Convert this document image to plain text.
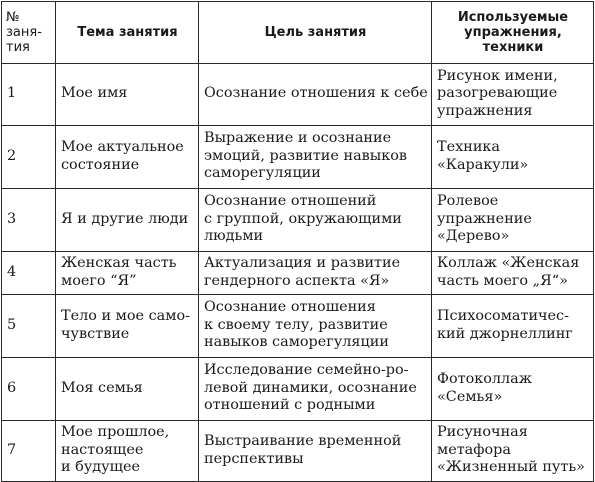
№
заня-
тия	Тема занятия	Цель занятия	Используемые
упражнения,
техники

1	Мое имя	Осознание отношения к себе	Рисунок имени,
разогревающие
упражнения

2	Мое актуальное
состояние	Выражение и осознание
эмоций, развитие навыков
саморегуляции	Техника
«Каракули»

3	Я и другие люди	Осознание отношений
с группой, окружающими
людьми	Ролевое
упражнение
«Дерево»

4	Женская часть
моего “Я”	Актуализация и развитие
гендерного аспекта «Я»	Коллаж «Женская
часть моего „Я“»

5	Тело и мое само-
чувствие	Осознание отношения
к своему телу, развитие
навыков саморегуляции	Психосоматичес-
кий джорнеллинг

6	Моя семья	Исследование семейно-ро-
левой динамики, осознание
отношений с родными	Фотоколлаж
«Семья»

7	Мое прошлое,
настоящее
и будущее	Выстраивание временной
перспективы	Рисуночная
метафора
«Жизненный путь»
